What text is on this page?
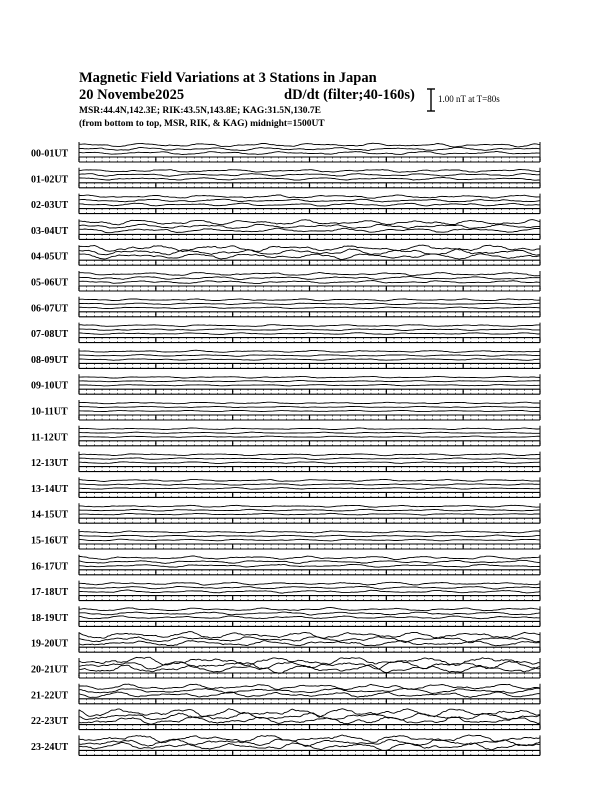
Magnetic Field Variations at 3 Stations in Japan
20 Novembe2025	dD/dt (filter;40-160s)
MSR:44.4N,142.3E; RIK:43.5N,143.8E; KAG:31.5N,130.7E
(from bottom to top, MSR, RIK, & KAG) midnight=1500UT
1.00 nT at T=80s
00-01UT
01-02UT
02-03UT
03-04UT
04-05UT
05-06UT
06-07UT
07-08UT
08-09UT
09-10UT
10-11UT
11-12UT
12-13UT
13-14UT
14-15UT
15-16UT
16-17UT
17-18UT
18-19UT
19-20UT
20-21UT
21-22UT
22-23UT
23-24UT
